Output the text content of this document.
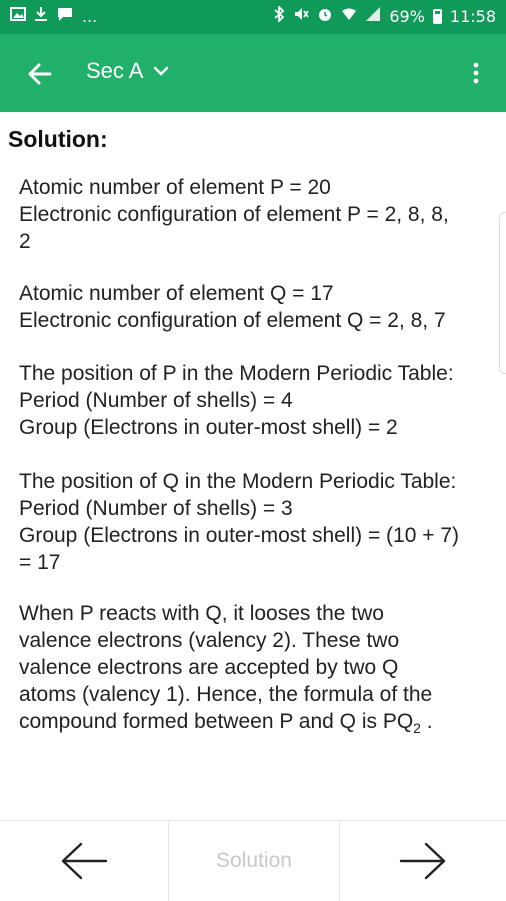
...	69% 11:58
Sec A
Solution:
Atomic number of element P = 20
Electronic configuration of element P = 2, 8, 8,
2
Atomic number of element Q = 17
Electronic configuration of element Q = 2, 8, 7
The position of P in the Modern Periodic Table:
Period (Number of shells) = 4
Group (Electrons in outer-most shell) = 2
The position of Q in the Modern Periodic Table:
Period (Number of shells) = 3
Group (Electrons in outer-most shell) = (10 + 7)
= 17
When P reacts with Q, it looses the two
valence electrons (valency 2). These two
valence electrons are accepted by two Q
atoms (valency 1). Hence, the formula of the
compound formed between P and Q is $PQ_2$ .
Solution
